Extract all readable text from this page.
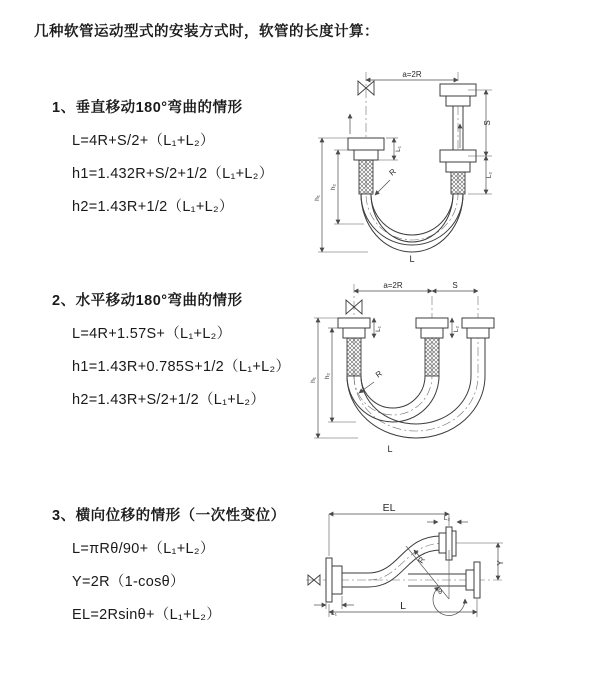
几种软管运动型式的安装方式时，软管的长度计算：
1、垂直移动180°弯曲的情形
L=4R+S/2+（L₁+L₂）
h1=1.432R+S/2+1/2（L₁+L₂）
h2=1.43R+1/2（L₁+L₂）
2、水平移动180°弯曲的情形
L=4R+1.57S+（L₁+L₂）
h1=1.43R+0.785S+1/2（L₁+L₂）
h2=1.43R+S/2+1/2（L₁+L₂）
3、横向位移的情形（一次性变位）
L=πRθ/90+（L₁+L₂）
Y=2R（1-cosθ）
EL=2Rsinθ+（L₁+L₂）
a=2R
h₁
h₂
L₁
S
L₂
R
L
a=2R	S
h₁
h₂
L₁	L₂
R
L
EL
L₂
θ
R	Y
L₁
L
